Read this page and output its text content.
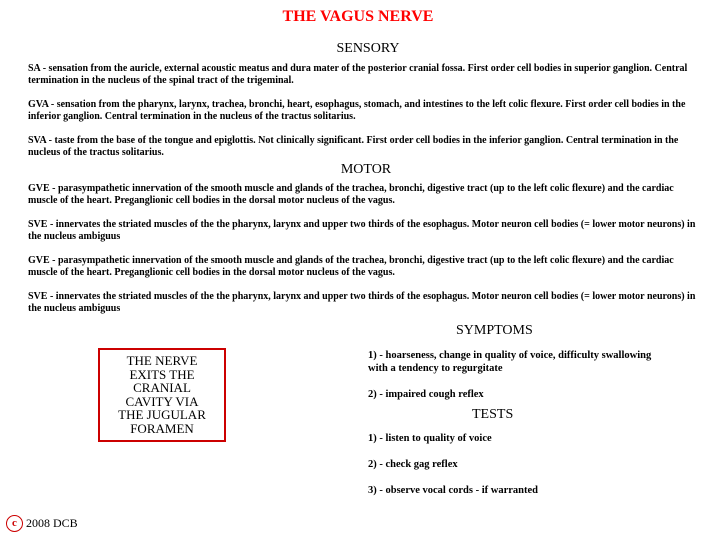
THE VAGUS NERVE
SENSORY
SA - sensation from the auricle, external acoustic meatus and dura mater of the posterior cranial fossa. First order cell bodies in superior ganglion. Central termination in the nucleus of the spinal tract of the trigeminal.
GVA - sensation from the pharynx, larynx, trachea, bronchi, heart, esophagus, stomach, and intestines to the left colic flexure. First order cell bodies in the inferior ganglion. Central termination in the nucleus of the tractus solitarius.
SVA - taste from the base of the tongue and epiglottis. Not clinically significant. First order cell bodies in the inferior ganglion. Central termination in the nucleus of the tractus solitarius.
MOTOR
GVE - parasympathetic innervation of the smooth muscle and glands of the trachea, bronchi, digestive tract (up to the left colic flexure) and the cardiac muscle of the heart. Preganglionic cell bodies in the dorsal motor nucleus of the vagus.
SVE - innervates the striated muscles of the the pharynx, larynx and upper two thirds of the esophagus. Motor neuron cell bodies (= lower motor neurons) in the nucleus ambiguus
GVE - parasympathetic innervation of the smooth muscle and glands of the trachea, bronchi, digestive tract (up to the left colic flexure) and the cardiac muscle of the heart. Preganglionic cell bodies in the dorsal motor nucleus of the vagus.
SVE - innervates the striated muscles of the the pharynx, larynx and upper two thirds of the esophagus. Motor neuron cell bodies (= lower motor neurons) in the nucleus ambiguus
SYMPTOMS
1) - hoarseness, change in quality of voice, difficulty swallowing with a tendency to regurgitate
2) - impaired cough reflex
TESTS
1) - listen to quality of voice
2) - check gag reflex
3) - observe vocal cords - if warranted
THE NERVE
EXITS THE
CRANIAL
CAVITY VIA
THE JUGULAR
FORAMEN
c 2008 DCB
